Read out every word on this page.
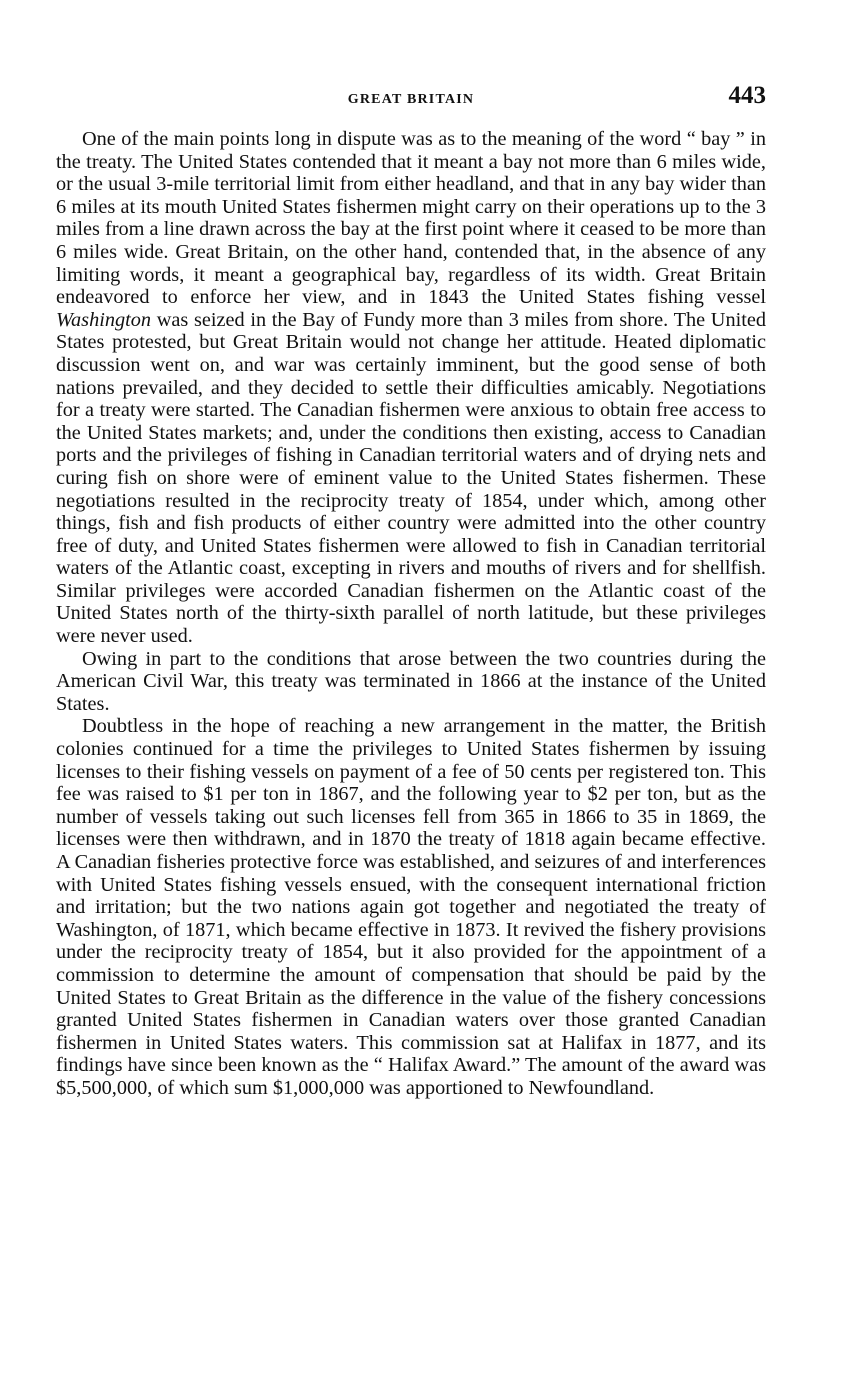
GREAT BRITAIN	443

One of the main points long in dispute was as to the meaning of the word “ bay ” in the treaty. The United States contended that it meant a bay not more than 6 miles wide, or the usual 3-mile territorial limit from either headland, and that in any bay wider than 6 miles at its mouth United States fishermen might carry on their operations up to the 3 miles from a line drawn across the bay at the first point where it ceased to be more than 6 miles wide. Great Britain, on the other hand, contended that, in the absence of any limiting words, it meant a geographical bay, regardless of its width. Great Britain endeavored to enforce her view, and in 1843 the United States fishing vessel Washington was seized in the Bay of Fundy more than 3 miles from shore. The United States protested, but Great Britain would not change her attitude. Heated diplomatic discussion went on, and war was certainly imminent, but the good sense of both nations prevailed, and they decided to settle their difficulties amicably. Negotiations for a treaty were started. The Canadian fishermen were anxious to obtain free access to the United States markets; and, under the conditions then existing, access to Canadian ports and the privileges of fishing in Canadian territorial waters and of drying nets and curing fish on shore were of eminent value to the United States fishermen. These negotiations resulted in the reciprocity treaty of 1854, under which, among other things, fish and fish products of either country were admitted into the other country free of duty, and United States fishermen were allowed to fish in Canadian territorial waters of the Atlantic coast, excepting in rivers and mouths of rivers and for shellfish. Similar privileges were accorded Canadian fishermen on the Atlantic coast of the United States north of the thirty-sixth parallel of north latitude, but these privileges were never used.

Owing in part to the conditions that arose between the two countries during the American Civil War, this treaty was terminated in 1866 at the instance of the United States.

Doubtless in the hope of reaching a new arrangement in the matter, the British colonies continued for a time the privileges to United States fishermen by issuing licenses to their fishing vessels on payment of a fee of 50 cents per registered ton. This fee was raised to $1 per ton in 1867, and the following year to $2 per ton, but as the number of vessels taking out such licenses fell from 365 in 1866 to 35 in 1869, the licenses were then withdrawn, and in 1870 the treaty of 1818 again became effective. A Canadian fisheries protective force was established, and seizures of and interferences with United States fishing vessels ensued, with the consequent international friction and irritation; but the two nations again got together and negotiated the treaty of Washington, of 1871, which became effective in 1873. It revived the fishery provisions under the reciprocity treaty of 1854, but it also provided for the appointment of a commission to determine the amount of compensation that should be paid by the United States to Great Britain as the difference in the value of the fishery concessions granted United States fishermen in Canadian waters over those granted Canadian fishermen in United States waters. This commission sat at Halifax in 1877, and its findings have since been known as the “ Halifax Award.” The amount of the award was $5,500,000, of which sum $1,000,000 was apportioned to Newfoundland.
